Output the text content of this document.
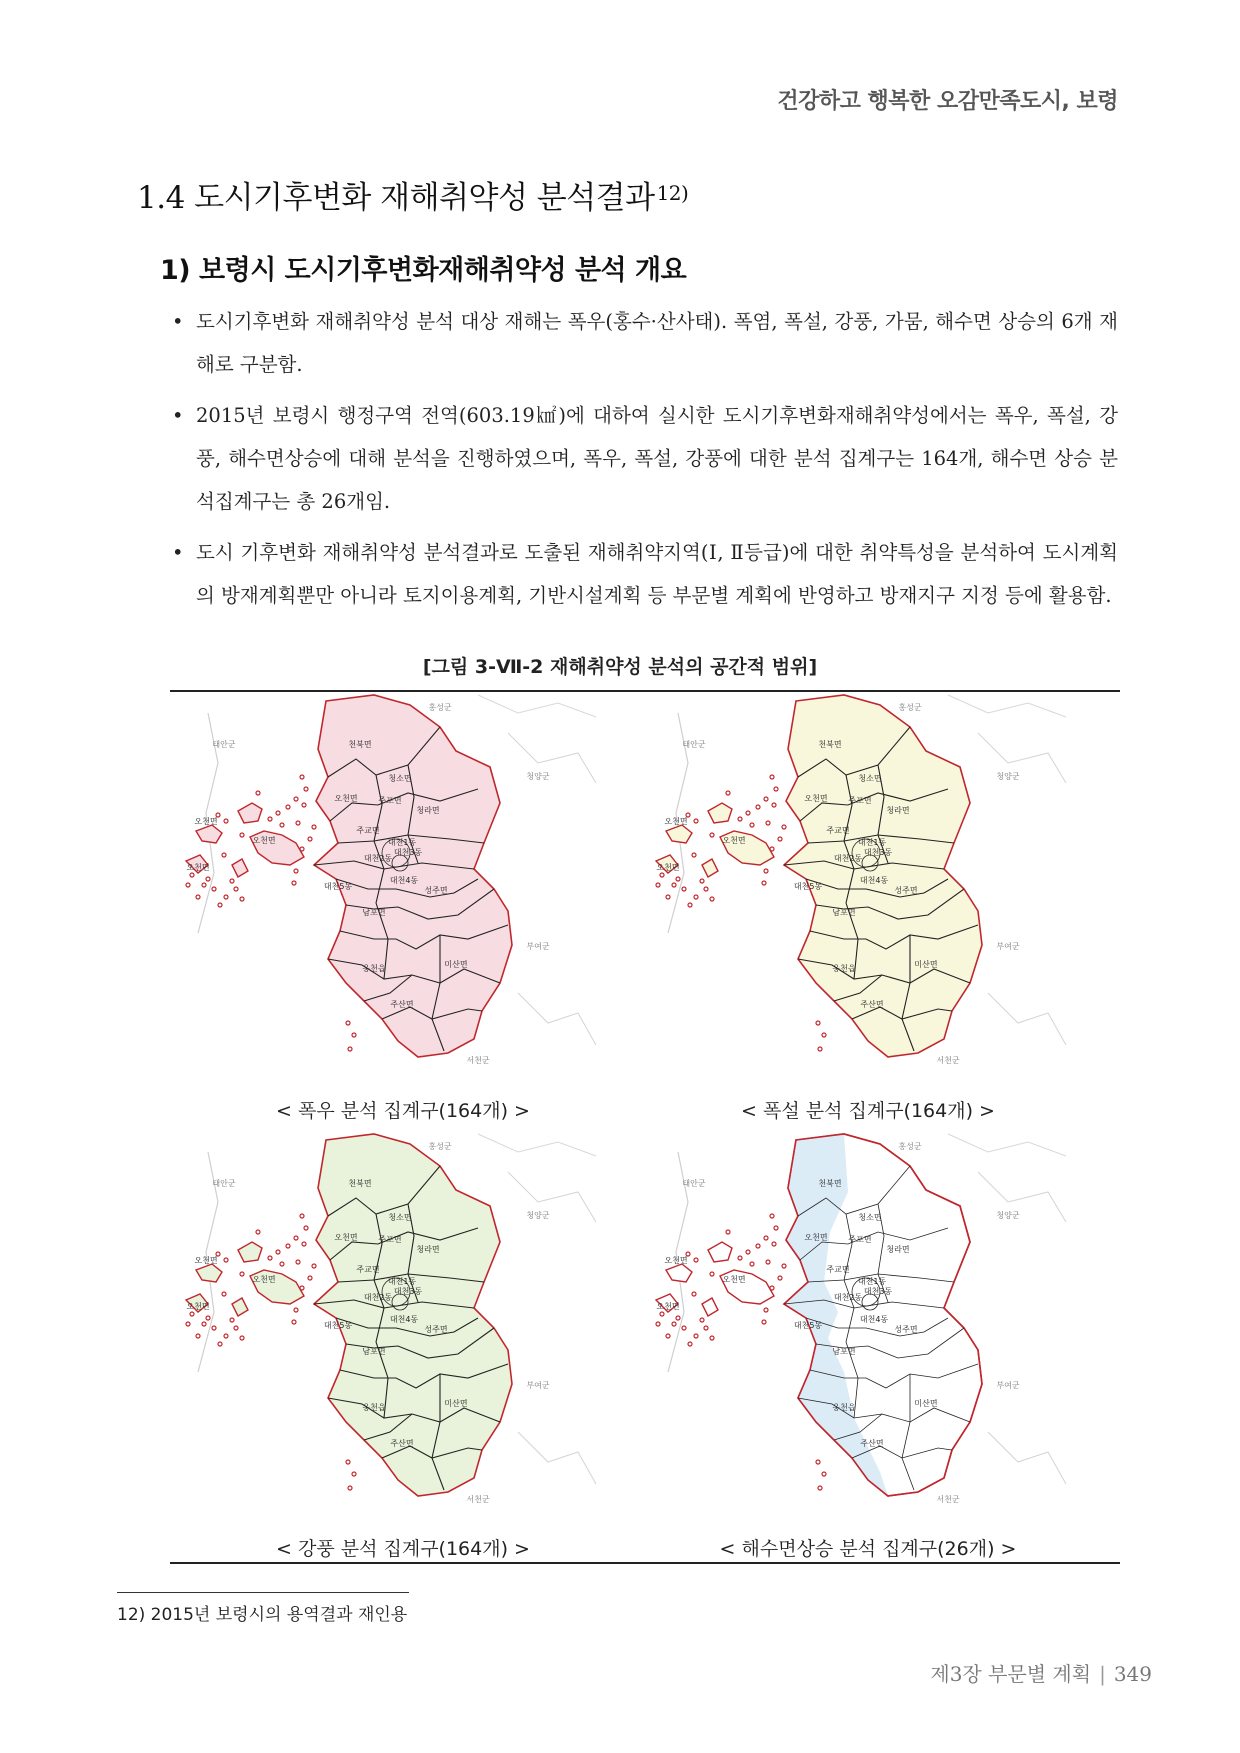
건강하고 행복한 오감만족도시, 보령
1.4 도시기후변화 재해취약성 분석결과 $^{12)}$
1) 보령시 도시기후변화재해취약성 분석 개요
• 도시기후변화 재해취약성 분석 대상 재해는 폭우(홍수·산사태). 폭염, 폭설, 강풍, 가뭄, 해수면 상승의 6개 재해로 구분함.
• 2015년 보령시 행정구역 전역(603.19㎢)에 대하여 실시한 도시기후변화재해취약성에서는 폭우, 폭설, 강풍, 해수면상승에 대해 분석을 진행하였으며, 폭우, 폭설, 강풍에 대한 분석 집계구는 164개, 해수면 상승 분석집계구는 총 26개임.
• 도시 기후변화 재해취약성 분석결과로 도출된 재해취약지역(Ⅰ, Ⅱ등급)에 대한 취약특성을 분석하여 도시계획의 방재계획뿐만 아니라 토지이용계획, 기반시설계획 등 부문별 계획에 반영하고 방재지구 지정 등에 활용함.
[그림 3-Ⅶ-2 재해취약성 분석의 공간적 범위]
홍성군
태안군
청양군
부여군
서천군
천북면
청소면
오천면	주포면
청라면
주교면
대천1동
대천2동
대천3동
대천4동
대천5동	성주면
남포면
웅천읍	미산면
주산면
오천면
오천면
오천면
홍성군
태안군
청양군
부여군
서천군
천북면
청소면
오천면	주포면
청라면
주교면
대천1동
대천2동
대천3동
대천4동
대천5동	성주면
남포면
웅천읍	미산면
주산면
오천면
오천면
오천면
홍성군
태안군
청양군
부여군
서천군
천북면
청소면
오천면	주포면
청라면
주교면
대천1동
대천2동
대천3동
대천4동
대천5동	성주면
남포면
웅천읍	미산면
주산면
오천면
오천면
오천면
홍성군
태안군
청양군
부여군
서천군
천북면
청소면
오천면	주포면
청라면
주교면
대천1동
대천2동
대천3동
대천4동
대천5동	성주면
남포면
웅천읍	미산면
주산면
오천면
오천면
오천면
< 폭우 분석 집계구(164개) >	< 폭설 분석 집계구(164개) >
< 강풍 분석 집계구(164개) >	< 해수면상승 분석 집계구(26개) >
12) 2015년 보령시의 용역결과 재인용
제3장 부문별 계획 | 349
